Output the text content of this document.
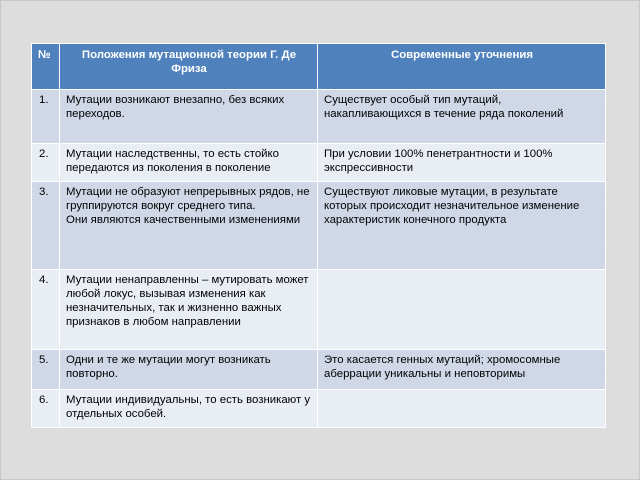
№	Положения мутационной теории Г. Де Фриза	Современные уточнения
1.	Мутации возникают внезапно, без всяких переходов.	Существует особый тип мутаций, накапливающихся в течение ряда поколений
2.	Мутации наследственны, то есть стойко передаются из поколения в поколение	При условии 100% пенетрантности и 100% экспрессивности
3.	Мутации не образуют непрерывных рядов, не группируются вокруг среднего типа.
Они являются качественными изменениями	Существуют ликовые мутации, в результате которых происходит незначительное изменение характеристик конечного продукта
4.	Мутации ненаправленны – мутировать может любой локус, вызывая изменения как незначительных, так и жизненно важных признаков в любом направлении	
5.	Одни и те же мутации могут возникать повторно.	Это касается генных мутаций; хромосомные аберрации уникальны и неповторимы
6.	Мутации индивидуальны, то есть возникают у отдельных особей.	
